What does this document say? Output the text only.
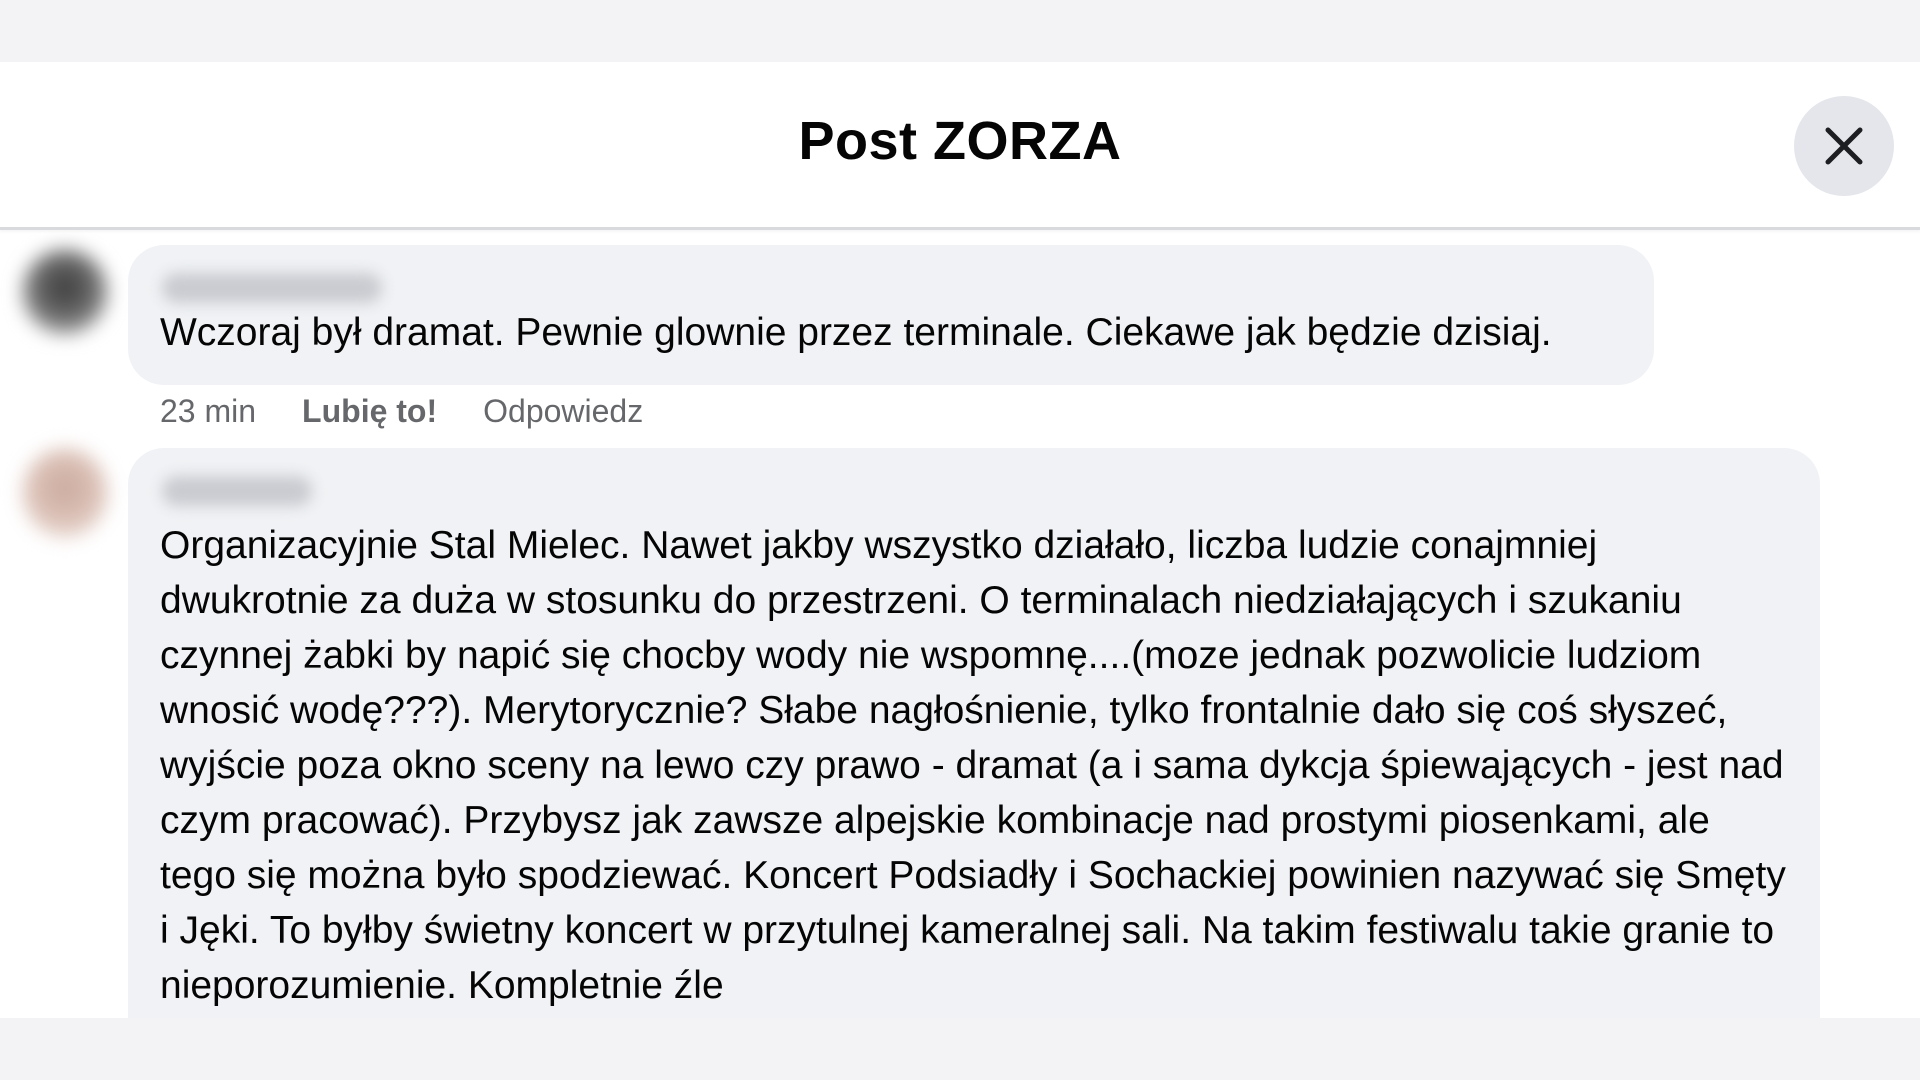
Post ZORZA
Wczoraj był dramat. Pewnie glownie przez terminale. Ciekawe jak będzie dzisiaj.
23 min Lubię to! Odpowiedz
Organizacyjnie Stal Mielec. Nawet jakby wszystko działało, liczba ludzie conajmniej dwukrotnie za duża w stosunku do przestrzeni. O terminalach niedziałających i szukaniu czynnej żabki by napić się chocby wody nie wspomnę....(moze jednak pozwolicie ludziom wnosić wodę???). Merytorycznie? Słabe nagłośnienie, tylko frontalnie dało się coś słyszeć, wyjście poza okno sceny na lewo czy prawo - dramat (a i sama dykcja śpiewających - jest nad czym pracować). Przybysz jak zawsze alpejskie kombinacje nad prostymi piosenkami, ale tego się można było spodziewać. Koncert Podsiadły i Sochackiej powinien nazywać się Smęty i Jęki. To byłby świetny koncert w przytulnej kameralnej sali. Na takim festiwalu takie granie to nieporozumienie. Kompletnie źle
